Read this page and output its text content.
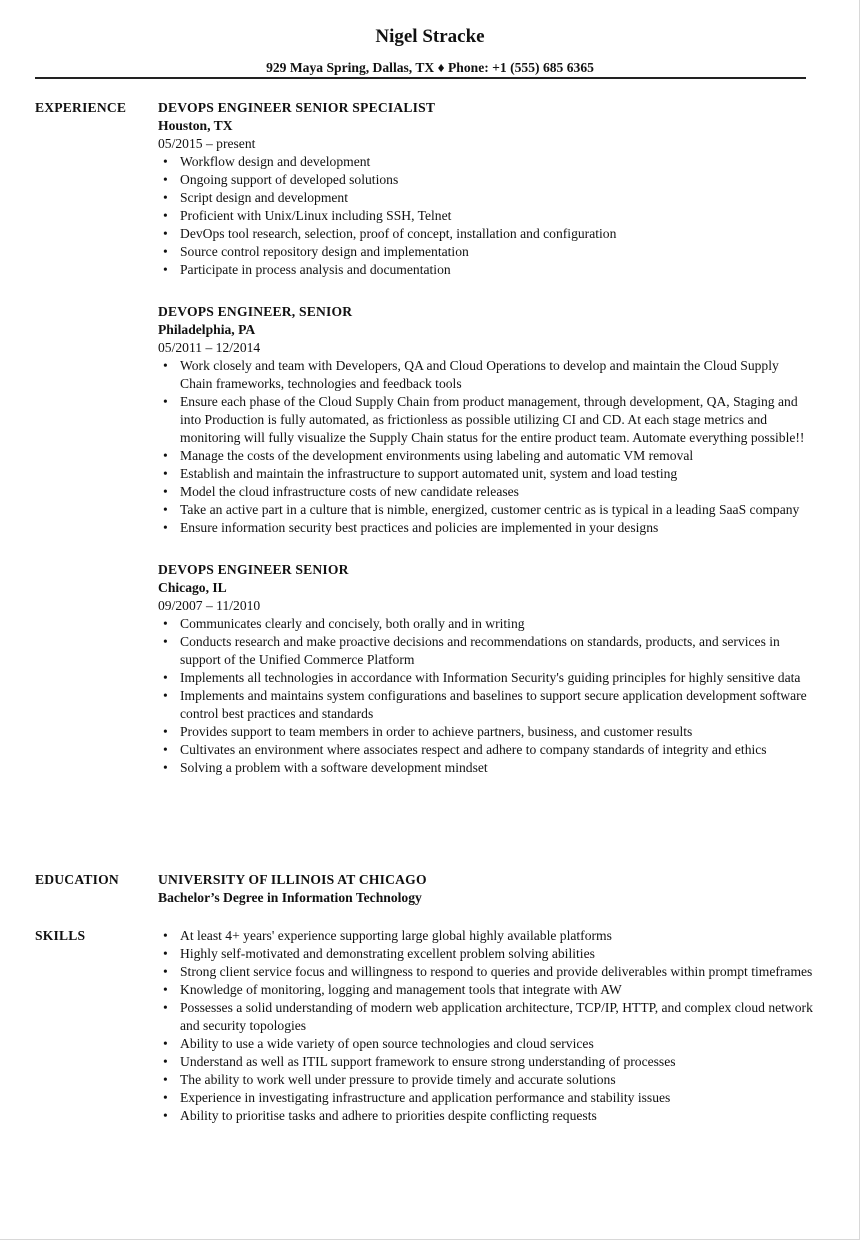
Nigel Stracke
929 Maya Spring, Dallas, TX ♦ Phone: +1 (555) 685 6365
EXPERIENCE DEVOPS ENGINEER SENIOR SPECIALIST
Houston, TX
05/2015 – present
• Workflow design and development
• Ongoing support of developed solutions
• Script design and development
• Proficient with Unix/Linux including SSH, Telnet
• DevOps tool research, selection, proof of concept, installation and configuration
• Source control repository design and implementation
• Participate in process analysis and documentation
DEVOPS ENGINEER, SENIOR
Philadelphia, PA
05/2011 – 12/2014
• Work closely and team with Developers, QA and Cloud Operations to develop and maintain the Cloud Supply Chain frameworks, technologies and feedback tools
• Ensure each phase of the Cloud Supply Chain from product management, through development, QA, Staging and into Production is fully automated, as frictionless as possible utilizing CI and CD. At each stage metrics and monitoring will fully visualize the Supply Chain status for the entire product team. Automate everything possible!!
• Manage the costs of the development environments using labeling and automatic VM removal
• Establish and maintain the infrastructure to support automated unit, system and load testing
• Model the cloud infrastructure costs of new candidate releases
• Take an active part in a culture that is nimble, energized, customer centric as is typical in a leading SaaS company
• Ensure information security best practices and policies are implemented in your designs
DEVOPS ENGINEER SENIOR
Chicago, IL
09/2007 – 11/2010
• Communicates clearly and concisely, both orally and in writing
• Conducts research and make proactive decisions and recommendations on standards, products, and services in support of the Unified Commerce Platform
• Implements all technologies in accordance with Information Security's guiding principles for highly sensitive data
• Implements and maintains system configurations and baselines to support secure application development software control best practices and standards
• Provides support to team members in order to achieve partners, business, and customer results
• Cultivates an environment where associates respect and adhere to company standards of integrity and ethics
• Solving a problem with a software development mindset
EDUCATION	UNIVERSITY OF ILLINOIS AT CHICAGO
Bachelor’s Degree in Information Technology
SKILLS	• At least 4+ years' experience supporting large global highly available platforms
• Highly self-motivated and demonstrating excellent problem solving abilities
• Strong client service focus and willingness to respond to queries and provide deliverables within prompt timeframes
• Knowledge of monitoring, logging and management tools that integrate with AW
• Possesses a solid understanding of modern web application architecture, TCP/IP, HTTP, and complex cloud network and security topologies
• Ability to use a wide variety of open source technologies and cloud services
• Understand as well as ITIL support framework to ensure strong understanding of processes
• The ability to work well under pressure to provide timely and accurate solutions
• Experience in investigating infrastructure and application performance and stability issues
• Ability to prioritise tasks and adhere to priorities despite conflicting requests
